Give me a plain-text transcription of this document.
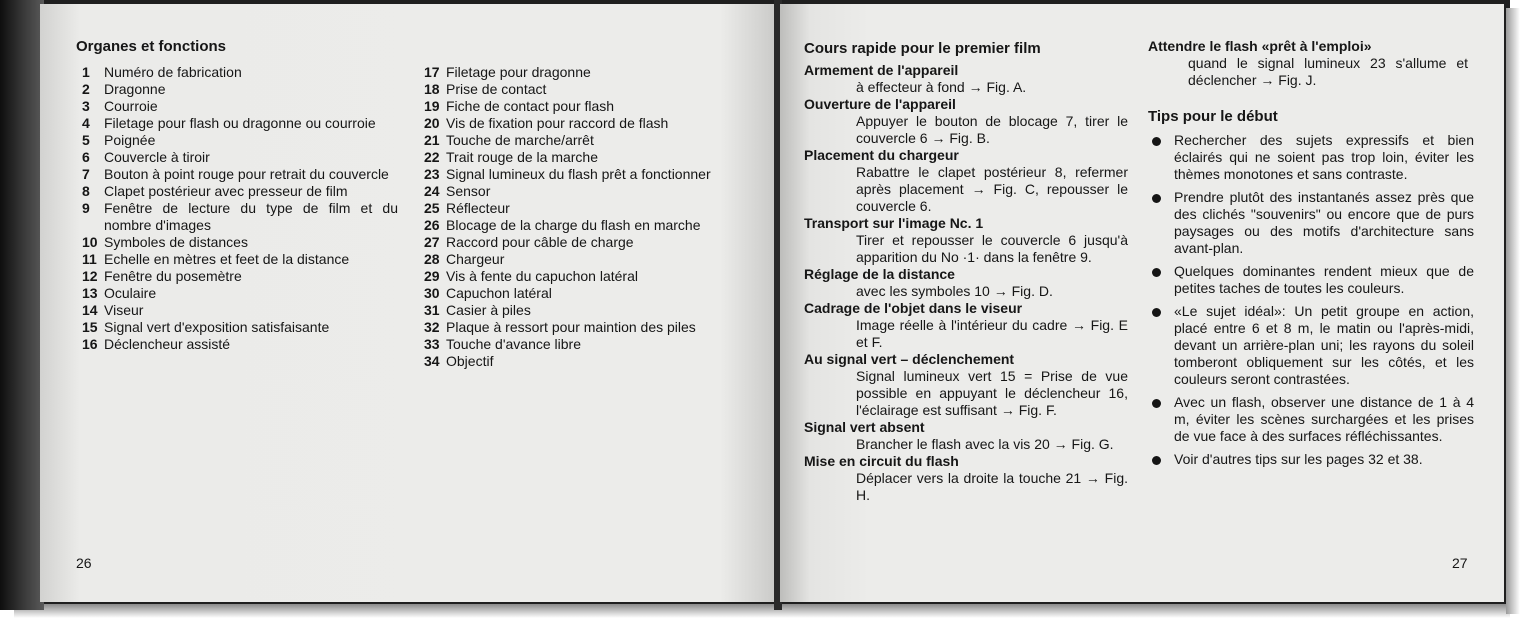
Organes et fonctions
1	Numéro de fabrication
2	Dragonne
3	Courroie
4	Filetage pour flash ou dragonne ou courroie
5	Poignée
6	Couvercle à tiroir
7	Bouton à point rouge pour retrait du couvercle
8	Clapet postérieur avec presseur de film
9	Fenêtre de lecture du type de film et du nombre d'images
10 Symboles de distances
11 Echelle en mètres et feet de la distance
12 Fenêtre du posemètre
13 Oculaire
14 Viseur
15 Signal vert d'exposition satisfaisante
16 Déclencheur assisté
17 Filetage pour dragonne
18 Prise de contact
19 Fiche de contact pour flash
20 Vis de fixation pour raccord de flash
21 Touche de marche/arrêt
22 Trait rouge de la marche
23 Signal lumineux du flash prêt a fonctionner
24 Sensor
25 Réflecteur
26 Blocage de la charge du flash en marche
27 Raccord pour câble de charge
28 Chargeur
29 Vis à fente du capuchon latéral
30 Capuchon latéral
31 Casier à piles
32 Plaque à ressort pour maintion des piles
33 Touche d'avance libre
34 Objectif
26
Cours rapide pour le premier film
Armement de l'appareil
à effecteur à fond → Fig. A.
Ouverture de l'appareil
Appuyer le bouton de blocage 7, tirer le couvercle 6 → Fig. B.
Placement du chargeur
Rabattre le clapet postérieur 8, refermer après placement → Fig. C, repousser le couvercle 6.
Transport sur l'image Nc. 1
Tirer et repousser le couvercle 6 jusqu'à apparition du No ·1· dans la fenêtre 9.
Réglage de la distance
avec les symboles 10 → Fig. D.
Cadrage de l'objet dans le viseur
Image réelle à l'intérieur du cadre → Fig. E et F.
Au signal vert – déclenchement
Signal lumineux vert 15 = Prise de vue possible en appuyant le déclencheur 16, l'éclairage est suffisant → Fig. F.
Signal vert absent
Brancher le flash avec la vis 20 → Fig. G.
Mise en circuit du flash
Déplacer vers la droite la touche 21 → Fig. H.
Attendre le flash «prêt à l'emploi»
quand le signal lumineux 23 s'allume et déclencher → Fig. J.
Tips pour le début
Rechercher des sujets expressifs et bien éclairés qui ne soient pas trop loin, éviter les thèmes monotones et sans contraste.
Prendre plutôt des instantanés assez près que des clichés "souvenirs" ou encore que de purs paysages ou des motifs d'architecture sans avant-plan.
Quelques dominantes rendent mieux que de petites taches de toutes les couleurs.
«Le sujet idéal»: Un petit groupe en action, placé entre 6 et 8 m, le matin ou l'après-midi, devant un arrière-plan uni; les rayons du soleil tomberont obliquement sur les côtés, et les couleurs seront contrastées.
Avec un flash, observer une distance de 1 à 4 m, éviter les scènes surchargées et les prises de vue face à des surfaces réfléchissantes.
Voir d'autres tips sur les pages 32 et 38.
27
